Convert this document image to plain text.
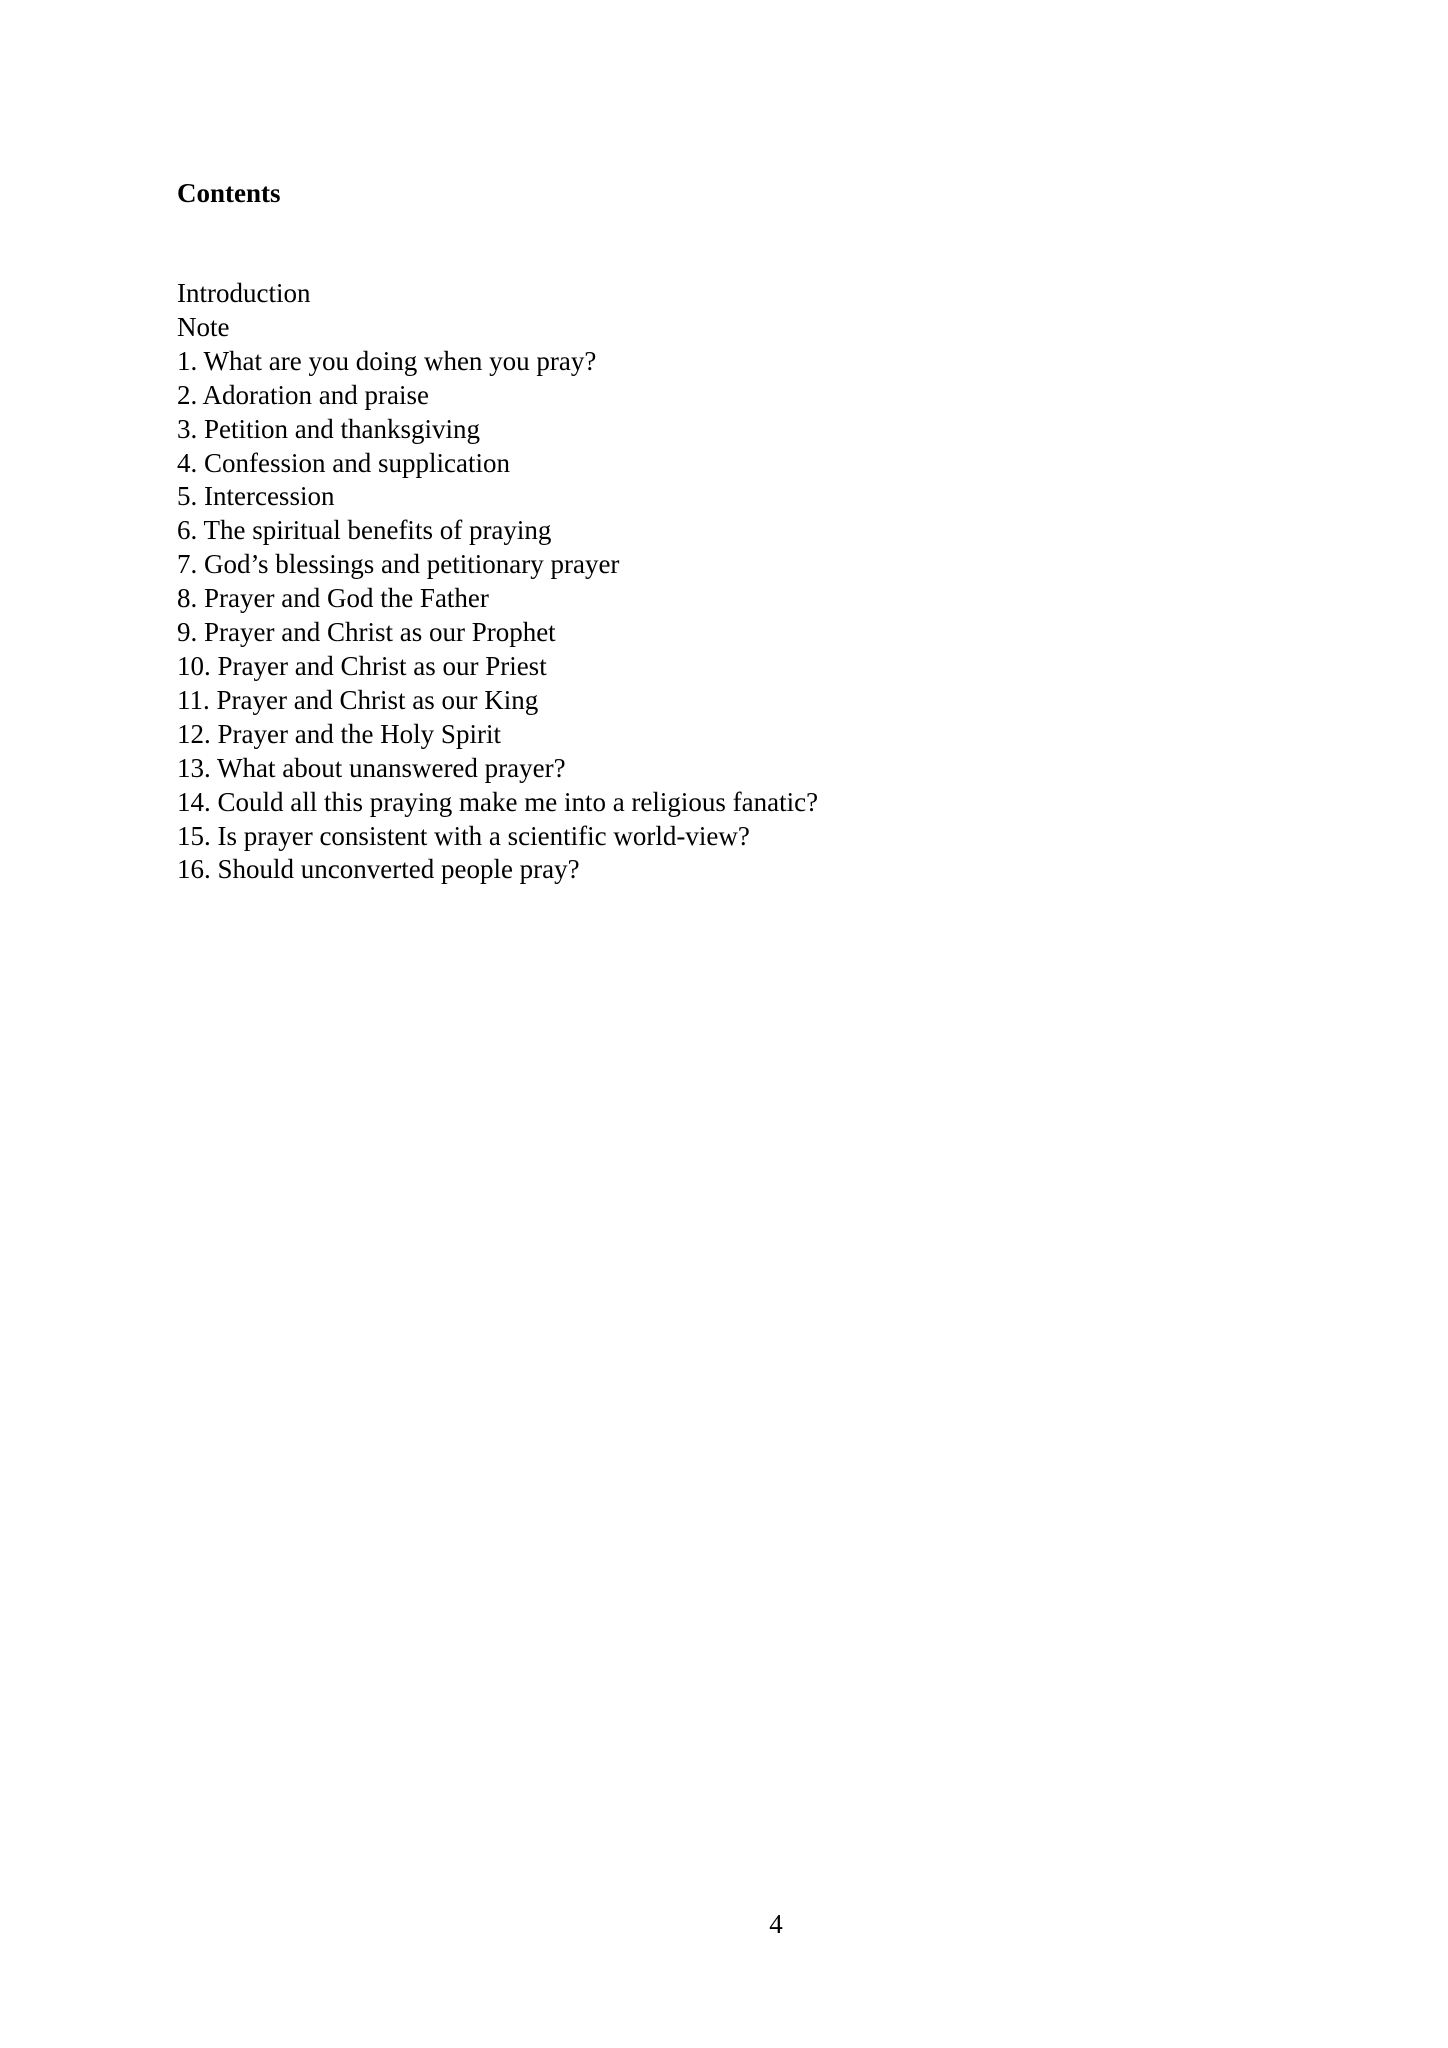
Contents
Introduction
Note
1. What are you doing when you pray?
2. Adoration and praise
3. Petition and thanksgiving
4. Confession and supplication
5. Intercession
6. The spiritual benefits of praying
7. God’s blessings and petitionary prayer
8. Prayer and God the Father
9. Prayer and Christ as our Prophet
10. Prayer and Christ as our Priest
11. Prayer and Christ as our King
12. Prayer and the Holy Spirit
13. What about unanswered prayer?
14. Could all this praying make me into a religious fanatic?
15. Is prayer consistent with a scientific world-view?
16. Should unconverted people pray?
4
